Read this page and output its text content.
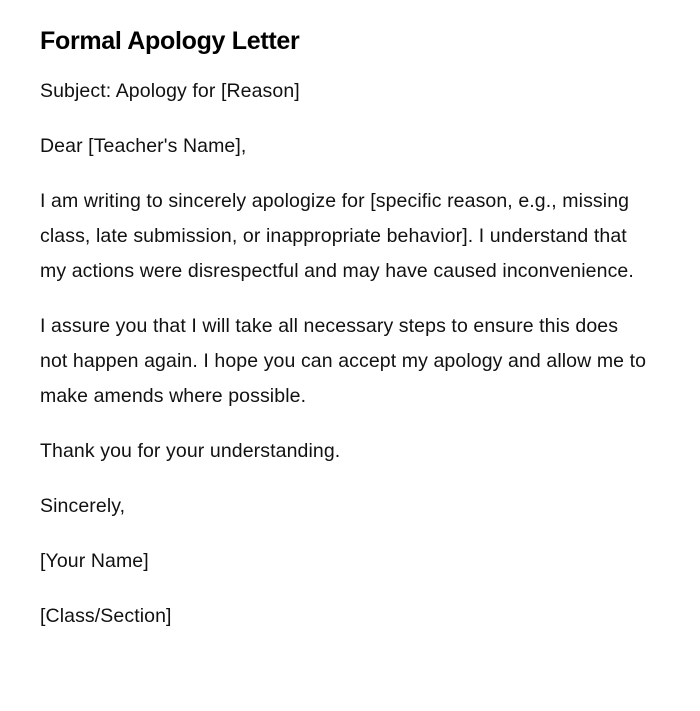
Formal Apology Letter

Subject: Apology for [Reason]

Dear [Teacher's Name],

I am writing to sincerely apologize for [specific reason, e.g., missing class, late submission, or inappropriate behavior]. I understand that my actions were disrespectful and may have caused inconvenience.

I assure you that I will take all necessary steps to ensure this does not happen again. I hope you can accept my apology and allow me to make amends where possible.

Thank you for your understanding.

Sincerely,

[Your Name]

[Class/Section]
